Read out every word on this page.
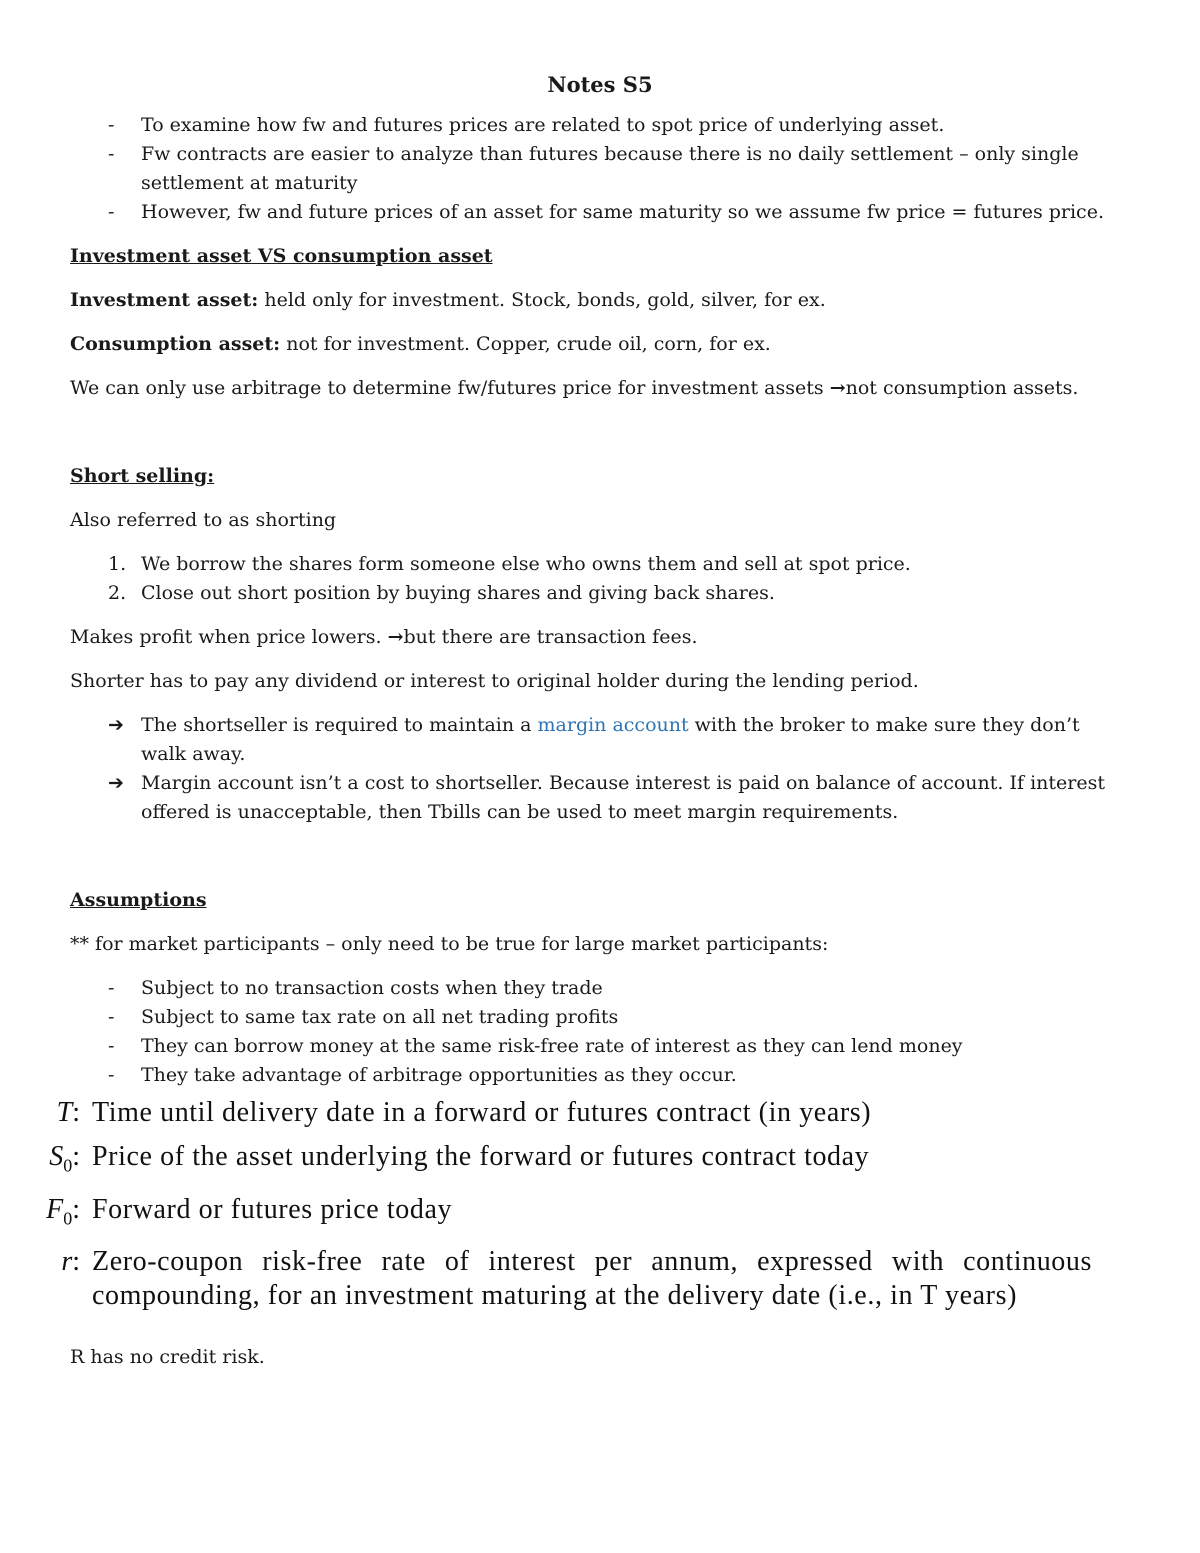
Notes S5
- To examine how fw and futures prices are related to spot price of underlying asset.
- Fw contracts are easier to analyze than futures because there is no daily settlement – only single settlement at maturity
- However, fw and future prices of an asset for same maturity so we assume fw price = futures price.

Investment asset VS consumption asset

Investment asset: held only for investment. Stock, bonds, gold, silver, for ex.

Consumption asset: not for investment. Copper, crude oil, corn, for ex.

We can only use arbitrage to determine fw/futures price for investment assets →not consumption assets.

Short selling:

Also referred to as shorting

1. We borrow the shares form someone else who owns them and sell at spot price.
2. Close out short position by buying shares and giving back shares.

Makes profit when price lowers. →but there are transaction fees.

Shorter has to pay any dividend or interest to original holder during the lending period.

➔ The shortseller is required to maintain a margin account with the broker to make sure they don’t walk away.
➔ Margin account isn’t a cost to shortseller. Because interest is paid on balance of account. If interest offered is unacceptable, then Tbills can be used to meet margin requirements.

Assumptions

** for market participants – only need to be true for large market participants:

- Subject to no transaction costs when they trade
- Subject to same tax rate on all net trading profits
- They can borrow money at the same risk-free rate of interest as they can lend money
- They take advantage of arbitrage opportunities as they occur.
T: Time until delivery date in a forward or futures contract (in years)
$S_0$: Price of the asset underlying the forward or futures contract today
$F_0$: Forward or futures price today
r: Zero-coupon risk-free rate of interest per annum, expressed with continuous compounding, for an investment maturing at the delivery date (i.e., in T years)

R has no credit risk.
